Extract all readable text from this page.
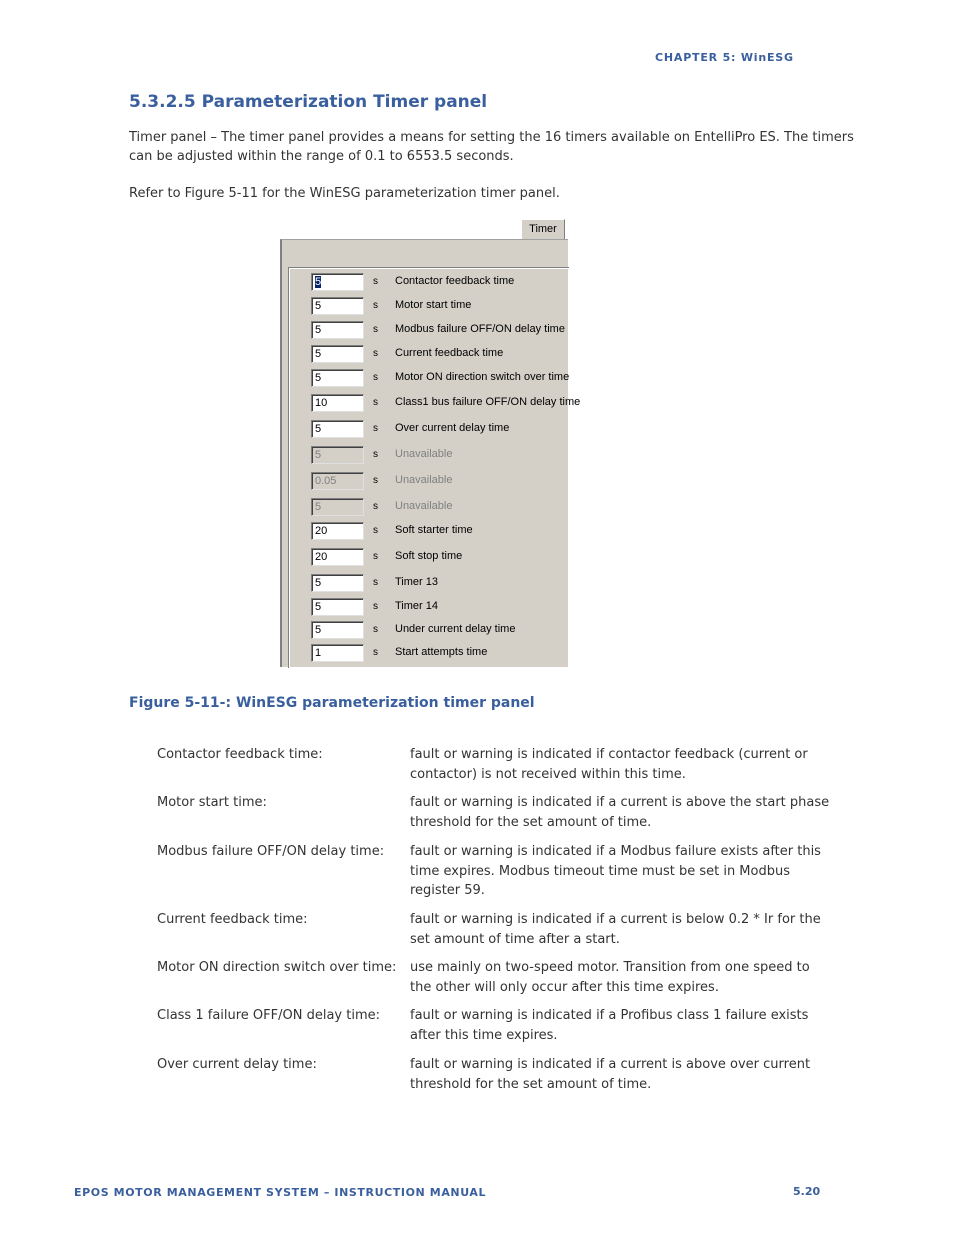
CHAPTER 5: WinESG
5.3.2.5 Parameterization Timer panel
Timer panel – The timer panel provides a means for setting the 16 timers available on EntelliPro ES. The timers can be adjusted within the range of 0.1 to 6553.5 seconds.
Refer to Figure 5-11 for the WinESG parameterization timer panel.
Timer
5	s Contactor feedback time
5	s Motor start time
5	s Modbus failure OFF/ON delay time
5	s Current feedback time
5	s Motor ON direction switch over time
10	s Class1 bus failure OFF/ON delay time
5	s Over current delay time
5	s Unavailable
0.05	s Unavailable
5	s Unavailable
20	s Soft starter time
20	s Soft stop time
5	s Timer 13
5	s Timer 14
5	s Under current delay time
1	s Start attempts time
Figure 5-11-: WinESG parameterization timer panel
Contactor feedback time:	fault or warning is indicated if contactor feedback (current or contactor) is not received within this time.
Motor start time:	fault or warning is indicated if a current is above the start phase threshold for the set amount of time.
Modbus failure OFF/ON delay time:	fault or warning is indicated if a Modbus failure exists after this time expires. Modbus timeout time must be set in Modbus register 59.
Current feedback time:	fault or warning is indicated if a current is below 0.2 * Ir for the set amount of time after a start.
Motor ON direction switch over time:	use mainly on two-speed motor. Transition from one speed to the other will only occur after this time expires.
Class 1 failure OFF/ON delay time:	fault or warning is indicated if a Profibus class 1 failure exists after this time expires.
Over current delay time:	fault or warning is indicated if a current is above over current threshold for the set amount of time.
EPOS MOTOR MANAGEMENT SYSTEM – INSTRUCTION MANUAL	5.20
